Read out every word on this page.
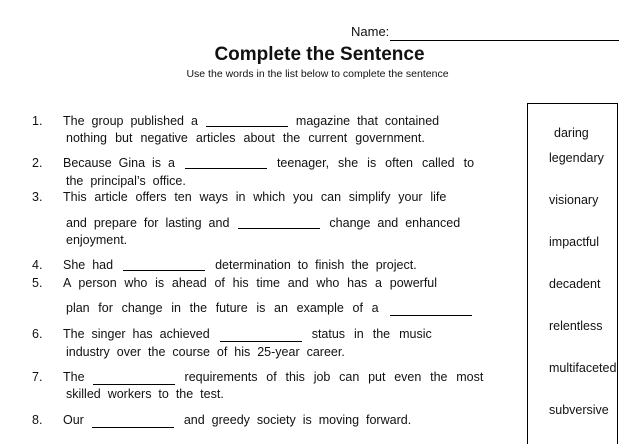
Name:
Complete the Sentence
Use the words in the list below to complete the sentence
1. The group published a	magazine that contained
nothing but negative articles about the current government.
2. Because Gina is a	teenager, she is often called to
the principal’s office.
3. This article offers ten ways in which you can simplify your life
and prepare for lasting and	change and enhanced
enjoyment.
4. She had	determination to finish the project.
5. A person who is ahead of his time and who has a powerful
plan for change in the future is an example of a
6. The singer has achieved	status in the music
industry over the course of his 25-year career.
7. The	requirements of this job can put even the most
skilled workers to the test.
8. Our	and greedy society is moving forward.
daring
legendary
visionary
impactful
decadent
relentless
multifaceted
subversive
